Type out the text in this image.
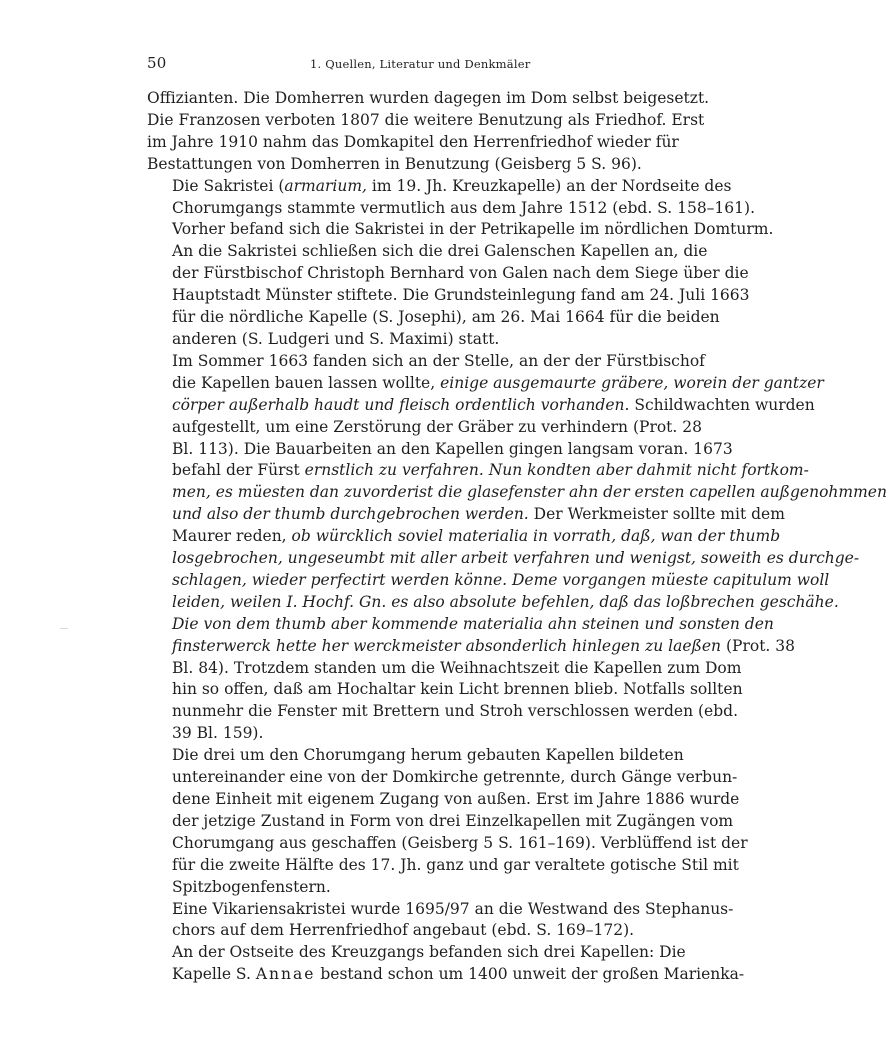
50	1. Quellen, Literatur und Denkmäler

Offizianten. Die Domherren wurden dagegen im Dom selbst beigesetzt.
Die Franzosen verboten 1807 die weitere Benutzung als Friedhof. Erst
im Jahre 1910 nahm das Domkapitel den Herrenfriedhof wieder für
Bestattungen von Domherren in Benutzung (Geisberg 5 S. 96).

Die Sakristei (armarium, im 19. Jh. Kreuzkapelle) an der Nordseite des
Chorumgangs stammte vermutlich aus dem Jahre 1512 (ebd. S. 158–161).
Vorher befand sich die Sakristei in der Petrikapelle im nördlichen Domturm.

An die Sakristei schließen sich die drei Galenschen Kapellen an, die
der Fürstbischof Christoph Bernhard von Galen nach dem Siege über die
Hauptstadt Münster stiftete. Die Grundsteinlegung fand am 24. Juli 1663
für die nördliche Kapelle (S. Josephi), am 26. Mai 1664 für die beiden
anderen (S. Ludgeri und S. Maximi) statt.

Im Sommer 1663 fanden sich an der Stelle, an der der Fürstbischof
die Kapellen bauen lassen wollte, einige ausgemaurte gräbere, worein der gantzer
cörper außerhalb haudt und fleisch ordentlich vorhanden. Schildwachten wurden
aufgestellt, um eine Zerstörung der Gräber zu verhindern (Prot. 28
Bl. 113). Die Bauarbeiten an den Kapellen gingen langsam voran. 1673
befahl der Fürst ernstlich zu verfahren. Nun kondten aber dahmit nicht fortkom-
men, es müesten dan zuvorderist die glasefenster ahn der ersten capellen außgenohmmen
und also der thumb durchgebrochen werden. Der Werkmeister sollte mit dem
Maurer reden, ob würcklich soviel materialia in vorrath, daß, wan der thumb
losgebrochen, ungeseumbt mit aller arbeit verfahren und wenigst, soweith es durchge-
schlagen, wieder perfectirt werden könne. Deme vorgangen müeste capitulum woll
leiden, weilen I. Hochf. Gn. es also absolute befehlen, daß das loßbrechen geschähe.
Die von dem thumb aber kommende materialia ahn steinen und sonsten den
finsterwerck hette her werckmeister absonderlich hinlegen zu laeßen (Prot. 38
Bl. 84). Trotzdem standen um die Weihnachtszeit die Kapellen zum Dom
hin so offen, daß am Hochaltar kein Licht brennen blieb. Notfalls sollten
nunmehr die Fenster mit Brettern und Stroh verschlossen werden (ebd.
39 Bl. 159).

Die drei um den Chorumgang herum gebauten Kapellen bildeten
untereinander eine von der Domkirche getrennte, durch Gänge verbun-
dene Einheit mit eigenem Zugang von außen. Erst im Jahre 1886 wurde
der jetzige Zustand in Form von drei Einzelkapellen mit Zugängen vom
Chorumgang aus geschaffen (Geisberg 5 S. 161–169). Verblüffend ist der
für die zweite Hälfte des 17. Jh. ganz und gar veraltete gotische Stil mit
Spitzbogenfenstern.

Eine Vikariensakristei wurde 1695/97 an die Westwand des Stephanus-
chors auf dem Herrenfriedhof angebaut (ebd. S. 169–172).

An der Ostseite des Kreuzgangs befanden sich drei Kapellen: Die
Kapelle S. Annae bestand schon um 1400 unweit der großen Marienka-
